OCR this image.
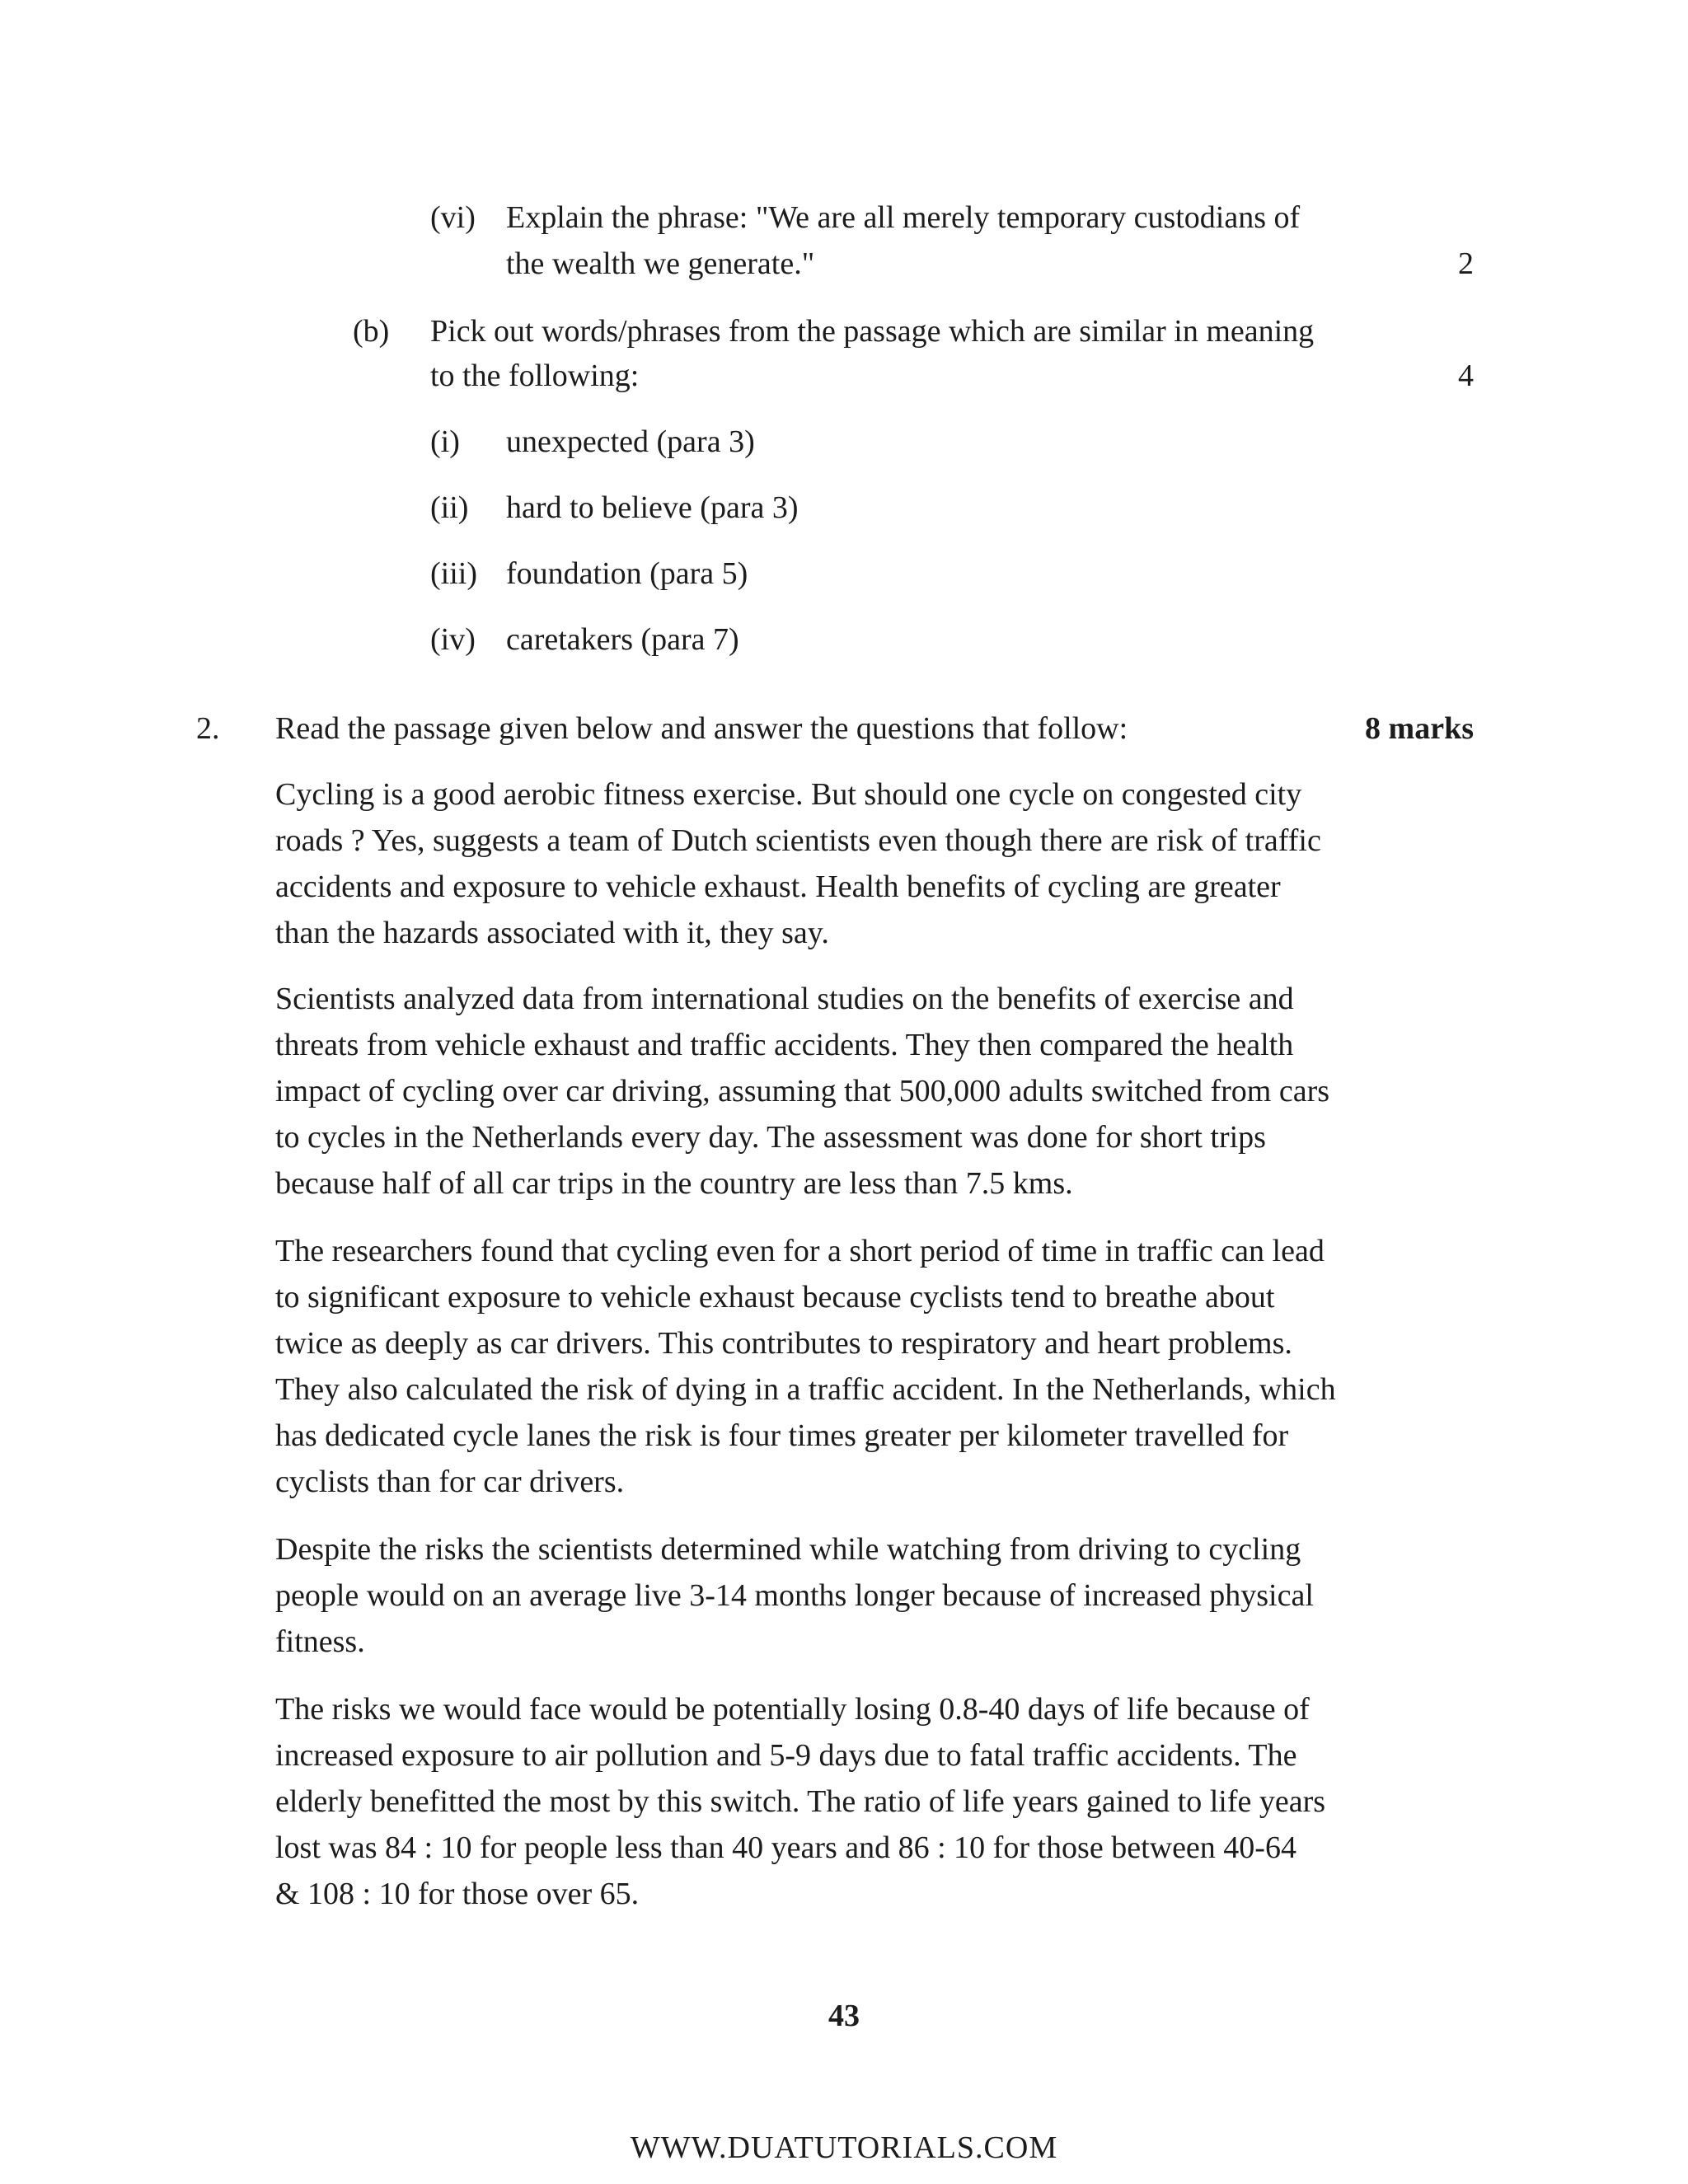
(vi) Explain the phrase: "We are all merely temporary custodians of
the wealth we generate."	2
(b) Pick out words/phrases from the passage which are similar in meaning
to the following:	4
(i) unexpected (para 3)
(ii) hard to believe (para 3)
(iii) foundation (para 5)
(iv) caretakers (para 7)
2. Read the passage given below and answer the questions that follow:	8 marks
Cycling is a good aerobic fitness exercise. But should one cycle on congested city
roads ? Yes, suggests a team of Dutch scientists even though there are risk of traffic
accidents and exposure to vehicle exhaust. Health benefits of cycling are greater
than the hazards associated with it, they say.
Scientists analyzed data from international studies on the benefits of exercise and
threats from vehicle exhaust and traffic accidents. They then compared the health
impact of cycling over car driving, assuming that 500,000 adults switched from cars
to cycles in the Netherlands every day. The assessment was done for short trips
because half of all car trips in the country are less than 7.5 kms.
The researchers found that cycling even for a short period of time in traffic can lead
to significant exposure to vehicle exhaust because cyclists tend to breathe about
twice as deeply as car drivers. This contributes to respiratory and heart problems.
They also calculated the risk of dying in a traffic accident. In the Netherlands, which
has dedicated cycle lanes the risk is four times greater per kilometer travelled for
cyclists than for car drivers.
Despite the risks the scientists determined while watching from driving to cycling
people would on an average live 3-14 months longer because of increased physical
fitness.
The risks we would face would be potentially losing 0.8-40 days of life because of
increased exposure to air pollution and 5-9 days due to fatal traffic accidents. The
elderly benefitted the most by this switch. The ratio of life years gained to life years
lost was 84 : 10 for people less than 40 years and 86 : 10 for those between 40-64
& 108 : 10 for those over 65.
43
WWW.DUATUTORIALS.COM
